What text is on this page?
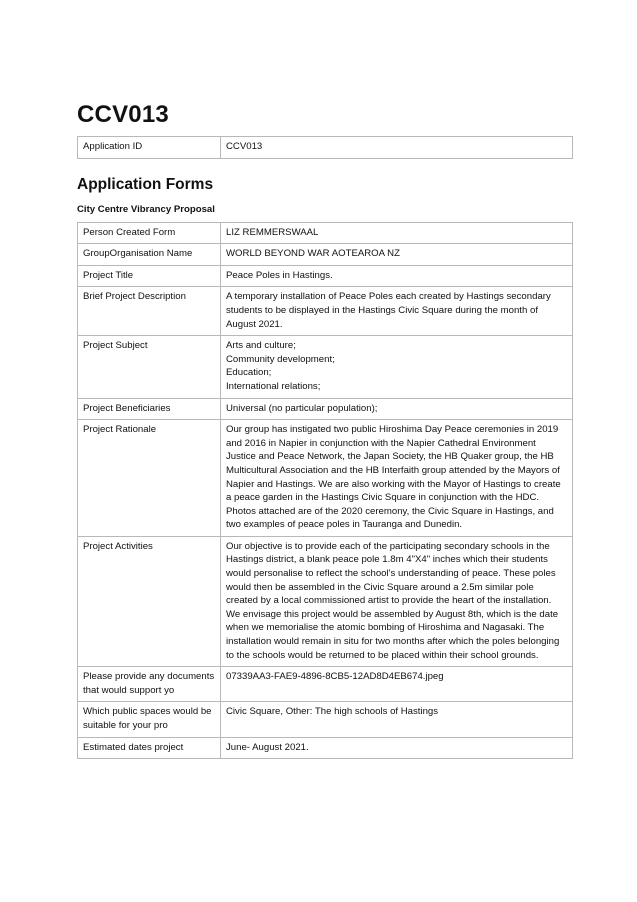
CCV013
Application ID	CCV013
Application Forms
City Centre Vibrancy Proposal
Person Created Form	LIZ REMMERSWAAL
GroupOrganisation Name	WORLD BEYOND WAR AOTEAROA NZ
Project Title	Peace Poles in Hastings.
Brief Project Description	A temporary installation of Peace Poles each created by Hastings secondary students to be displayed in the Hastings Civic Square during the month of August 2021.
Project Subject	Arts and culture;
Community development;
Education;
International relations;

Project Beneficiaries	Universal (no particular population);
Project Rationale	Our group has instigated two public Hiroshima Day Peace ceremonies in 2019 and 2016 in Napier in conjunction with the Napier Cathedral Environment Justice and Peace Network, the Japan Society, the HB Quaker group, the HB Multicultural Association and the HB Interfaith group attended by the Mayors of Napier and Hastings. We are also working with the Mayor of Hastings to create a peace garden in the Hastings Civic Square in conjunction with the HDC. Photos attached are of the 2020 ceremony, the Civic Square in Hastings, and two examples of peace poles in Tauranga and Dunedin.
Project Activities	Our objective is to provide each of the participating secondary schools in the Hastings district, a blank peace pole 1.8m 4"X4" inches which their students would personalise to reflect the school's understanding of peace. These poles would then be assembled in the Civic Square around a 2.5m similar pole created by a local commissioned artist to provide the heart of the installation. We envisage this project would be assembled by August 8th, which is the date when we memorialise the atomic bombing of Hiroshima and Nagasaki. The installation would remain in situ for two months after which the poles belonging to the schools would be returned to be placed within their school grounds.
Please provide any documents that would support yo	07339AA3-FAE9-4896-8CB5-12AD8D4EB674.jpeg
Which public spaces would be suitable for your pro	Civic Square, Other: The high schools of Hastings
Estimated dates project	June- August 2021.
